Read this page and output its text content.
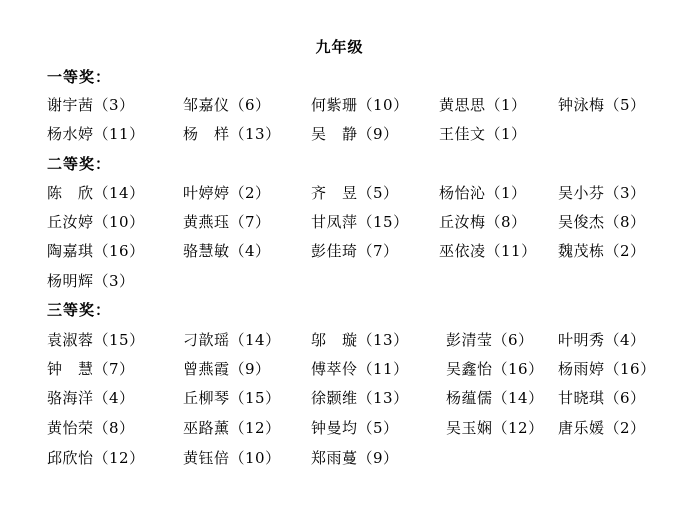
九年级
一等奖：
谢宇茜（3）	邹嘉仪（6）	何紫珊（10） 黄思思（1） 钟泳梅（5）
杨水婷（11）	杨　样（13） 吴　静（9）	王佳文（1）
二等奖：
陈　欣（14）	叶婷婷（2）	齐　昱（5）	杨怡沁（1） 吴小芬（3）
丘汝婷（10）	黄燕珏（7）	甘凤萍（15） 丘汝梅（8） 吴俊杰（8）
陶嘉琪（16）	骆慧敏（4）	彭佳琦（7）	巫依凌（11） 魏茂栋（2）
杨明辉（3）
三等奖：
袁淑蓉（15）	刁歆瑶（14） 邬　璇（13） 彭清莹（6） 叶明秀（4）
钟　慧（7）	曾燕霞（9）	傅萃伶（11） 吴鑫怡（16） 杨雨婷（16）
骆海洋（4）	丘柳琴（15） 徐颢维（13） 杨蕴儒（14） 甘晓琪（6）
黄怡荣（8）	巫路薰（12） 钟曼均（5）	吴玉娴（12） 唐乐媛（2）
邱欣怡（12）	黄钰倍（10） 郑雨蔓（9）
